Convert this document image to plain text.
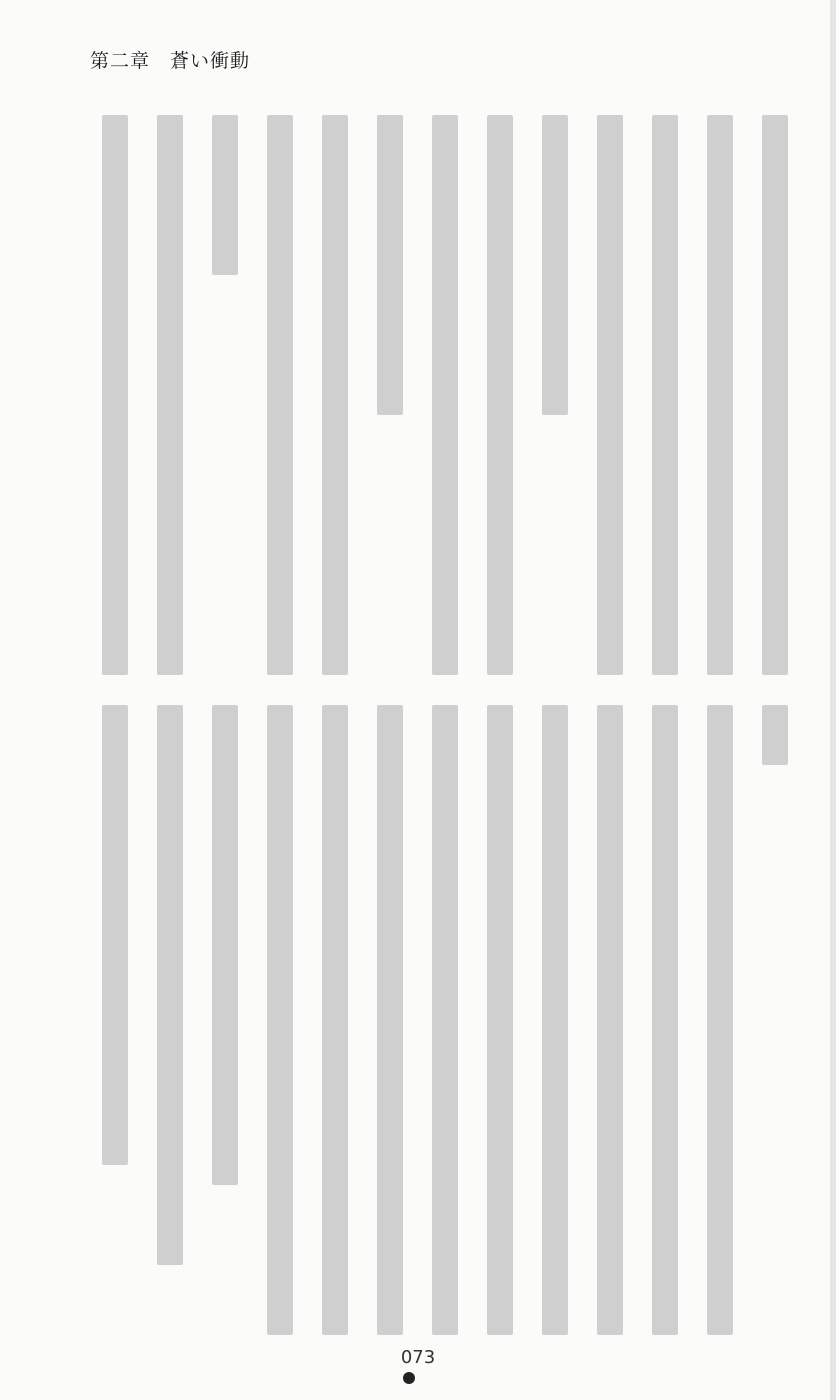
第二章　蒼い衝動
073
